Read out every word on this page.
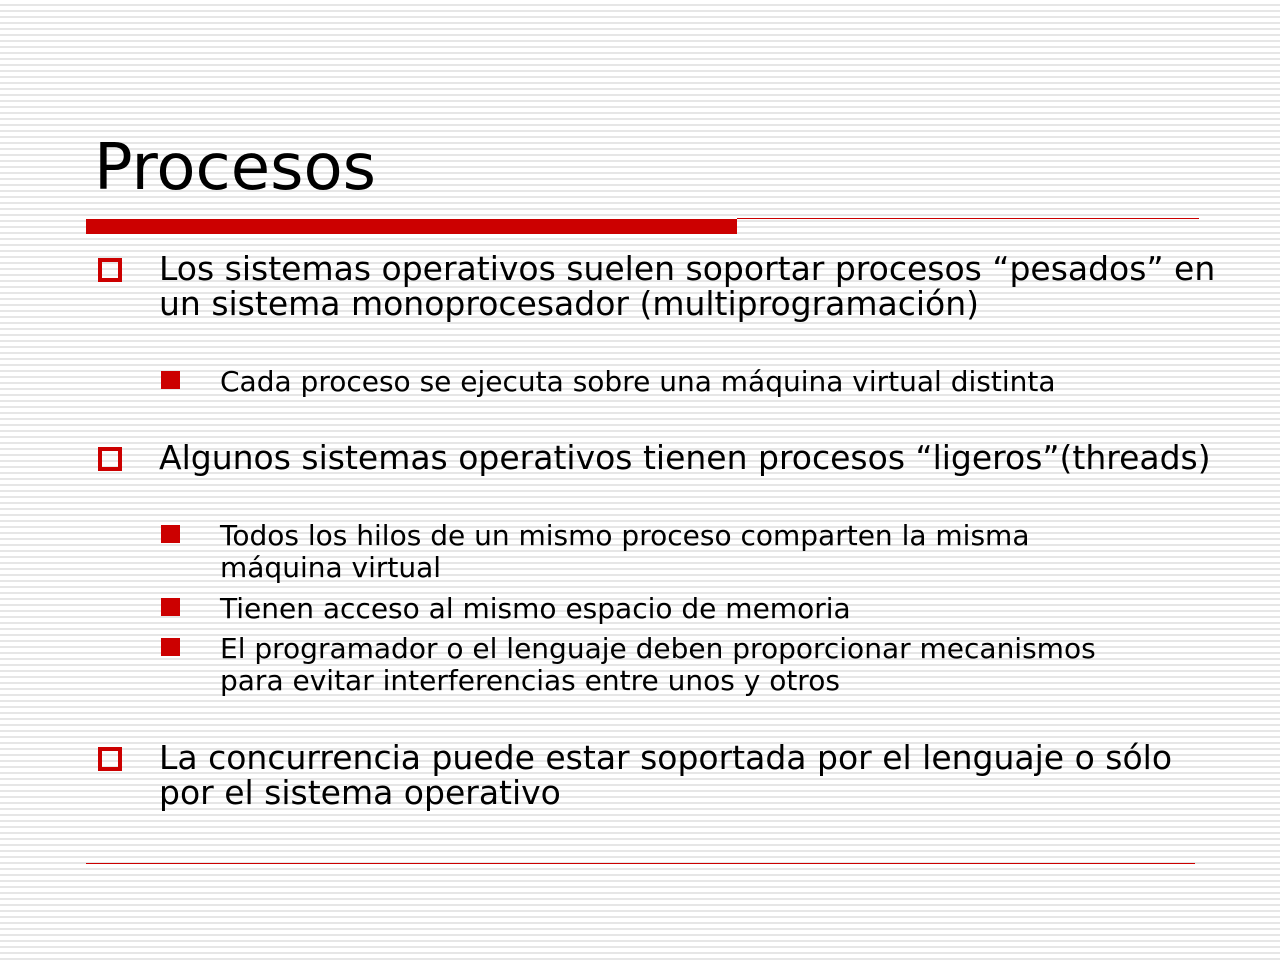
Procesos
Los sistemas operativos suelen soportar procesos “pesados” en un sistema monoprocesador (multiprogramación)
Cada proceso se ejecuta sobre una máquina virtual distinta
Algunos sistemas operativos tienen procesos “ligeros”(threads)
Todos los hilos de un mismo proceso comparten la misma máquina virtual
Tienen acceso al mismo espacio de memoria
El programador o el lenguaje deben proporcionar mecanismos para evitar interferencias entre unos y otros
La concurrencia puede estar soportada por el lenguaje o sólo por el sistema operativo
